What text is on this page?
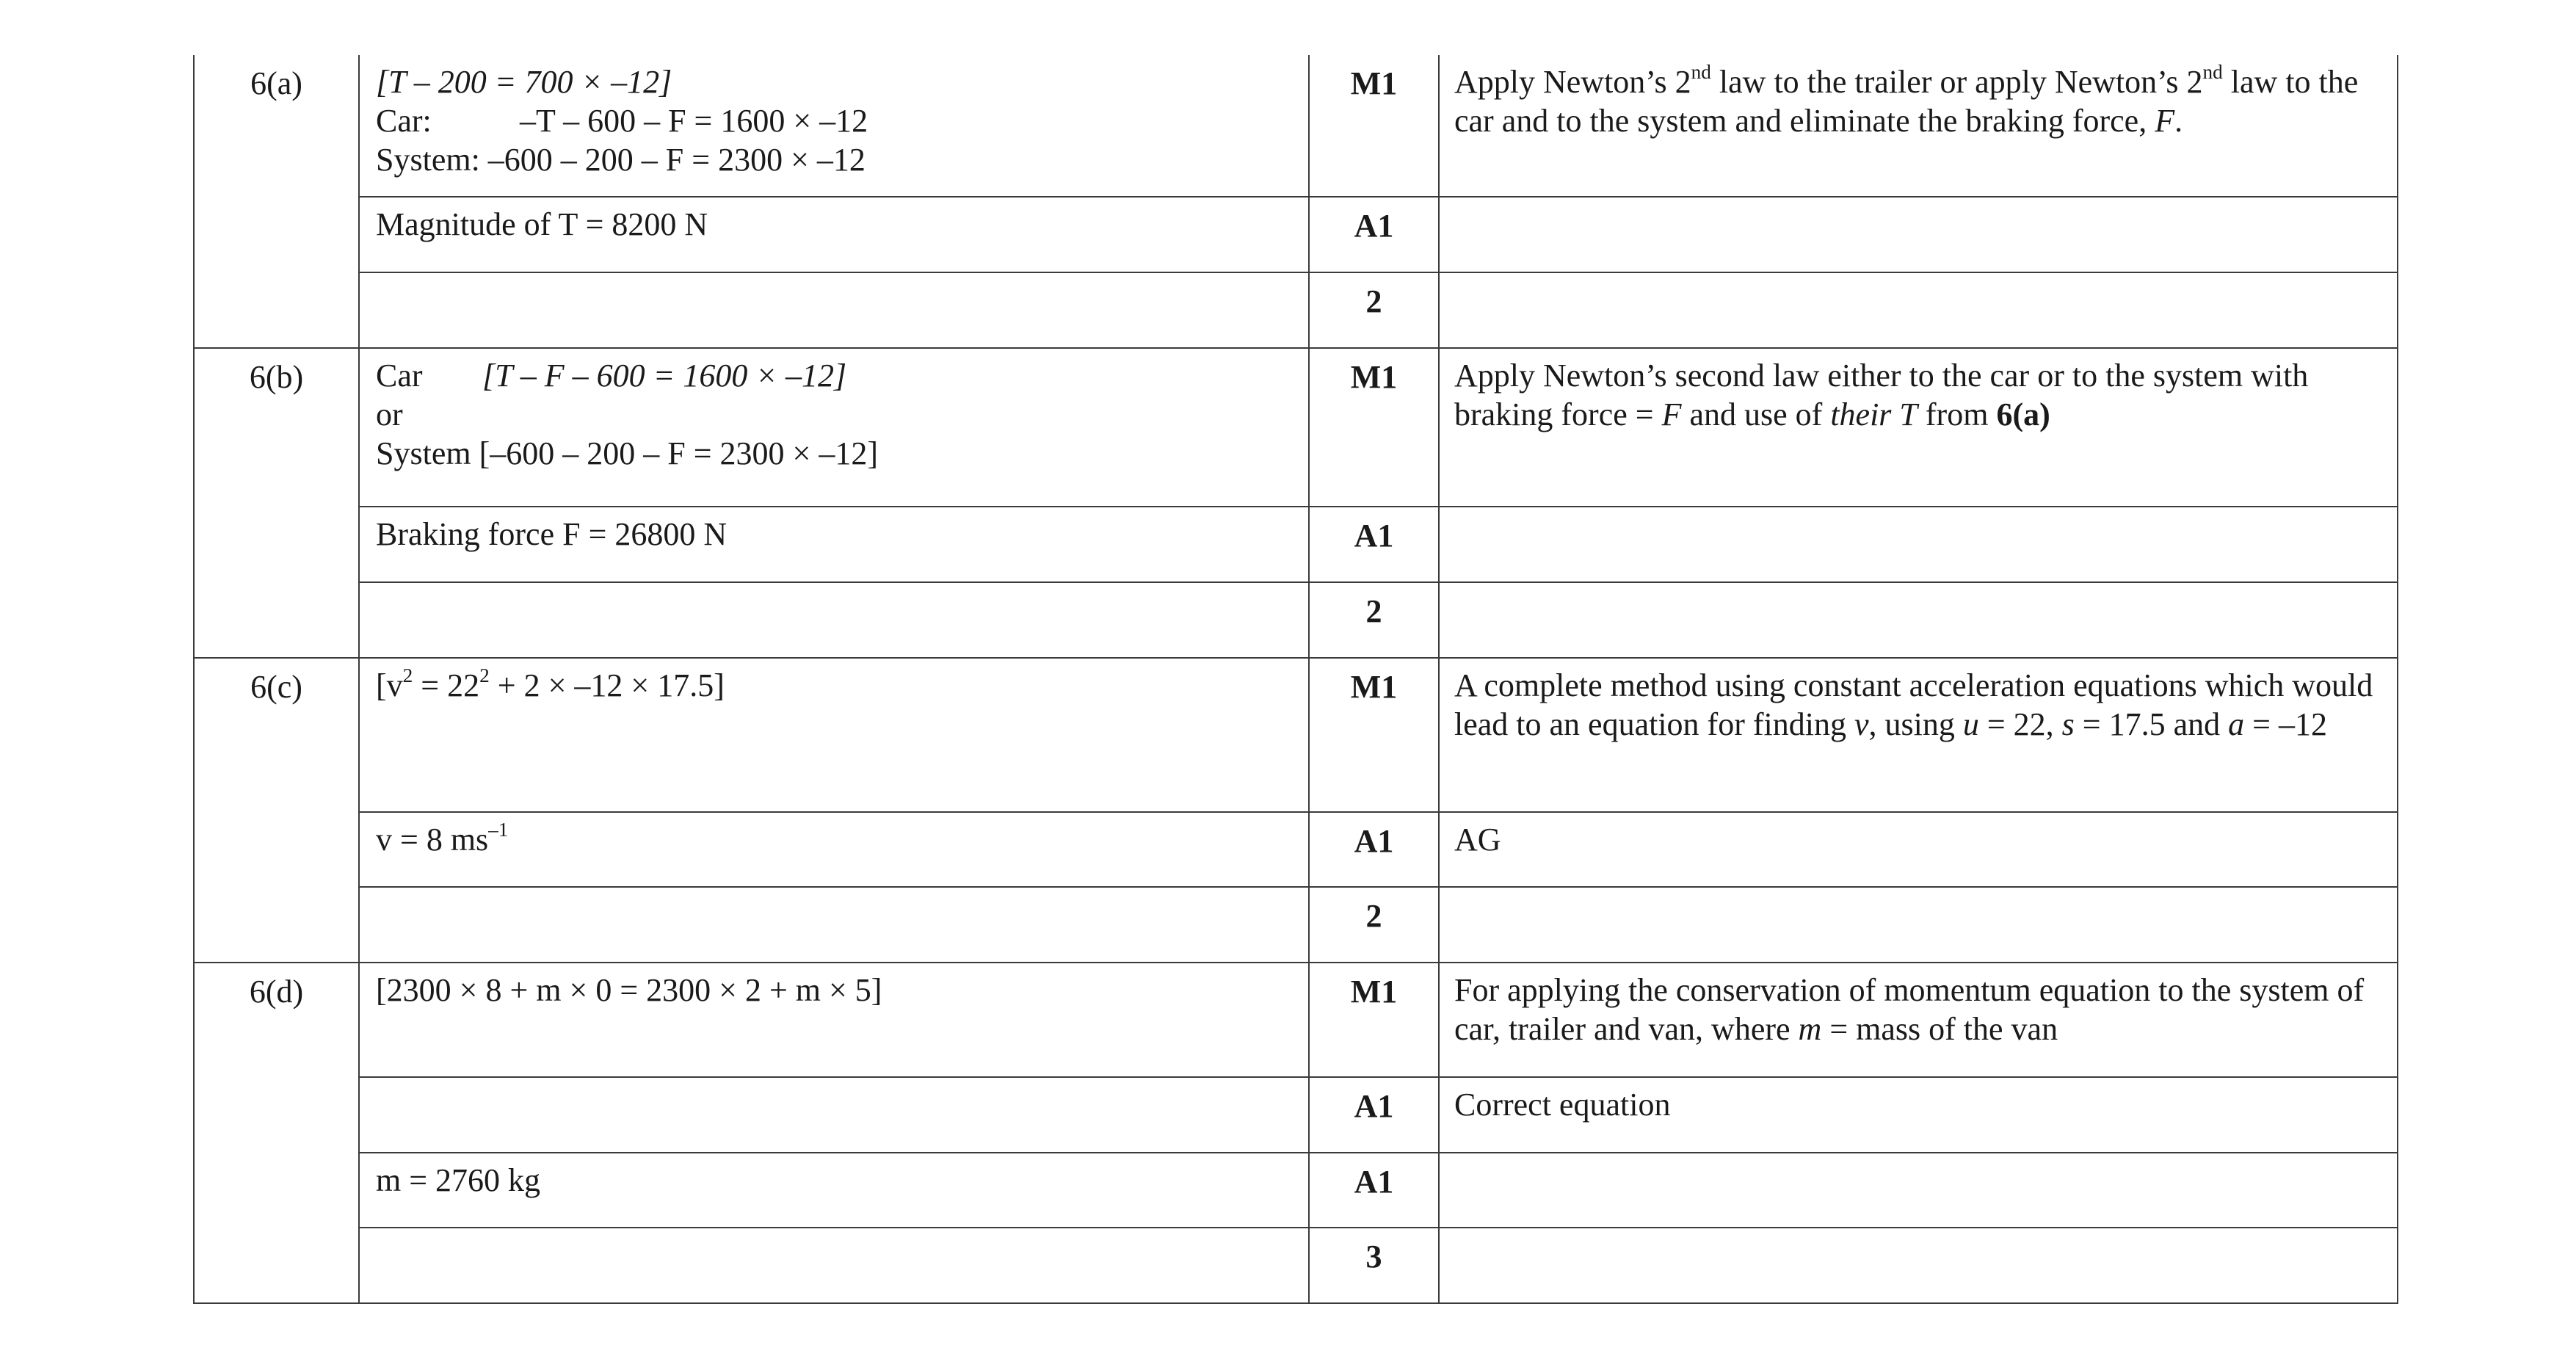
6(a)	[T – 200 = 700 × –12]
Car: –T – 600 – F = 1600 × –12
System: –600 – 200 – F = 2300 × –12	M1	Apply Newton’s 2nd law to the trailer or apply Newton’s 2nd law to the car and to the system and eliminate the braking force, F.

	Magnitude of T = 8200 N	A1	
		2	
6(b)	Car [T – F – 600 = 1600 × –12]
or
System [–600 – 200 – F = 2300 × –12]	M1	Apply Newton’s second law either to the car or to the system with braking force = F and use of their T from 6(a)

	Braking force F = 26800 N	A1	
		2	
6(c)	$[v^2 = 22^2 + 2 \times -12 \times 17.5]$	M1	A complete method using constant acceleration equations which would lead to an equation for finding v, using u = 22, s = 17.5 and a = –12

	v = 8 $ms^{-1}$	A1	AG
		2	
6(d)	[2300 × 8 + m × 0 = 2300 × 2 + m × 5]	M1	For applying the conservation of momentum equation to the system of car, trailer and van, where m = mass of the van

		A1	Correct equation
	m = 2760 kg	A1	
		3	
